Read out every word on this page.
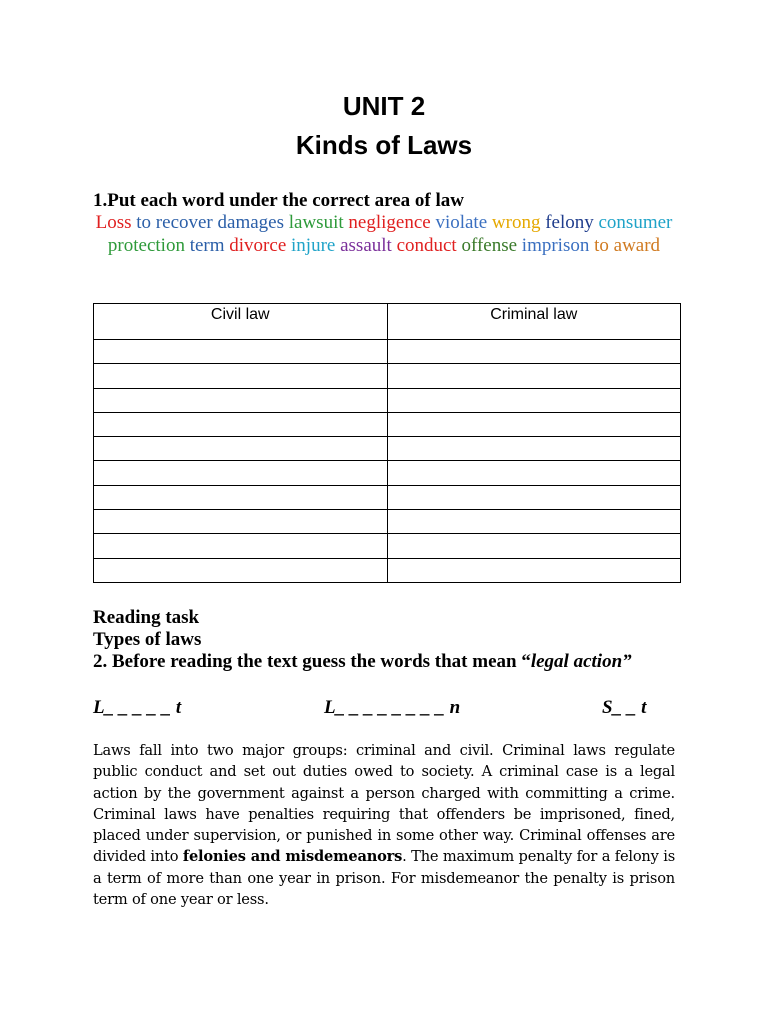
UNIT 2
Kinds of Laws
1.Put each word under the correct area of law
Loss to recover damages lawsuit negligence violate wrong felony consumer protection term divorce injure assault conduct offense imprison to award
Civil law	Criminal law

Reading task
Types of laws
2. Before reading the text guess the words that mean “legal action”
L_ _ _ _ _ t	L_ _ _ _ _ _ _ _ n	S_ _ t
Laws fall into two major groups: criminal and civil. Criminal laws regulate public conduct and set out duties owed to society. A criminal case is a legal action by the government against a person charged with committing a crime. Criminal laws have penalties requiring that offenders be imprisoned, fined, placed under supervision, or punished in some other way. Criminal offenses are divided into felonies and misdemeanors. The maximum penalty for a felony is a term of more than one year in prison. For misdemeanor the penalty is prison term of one year or less.
